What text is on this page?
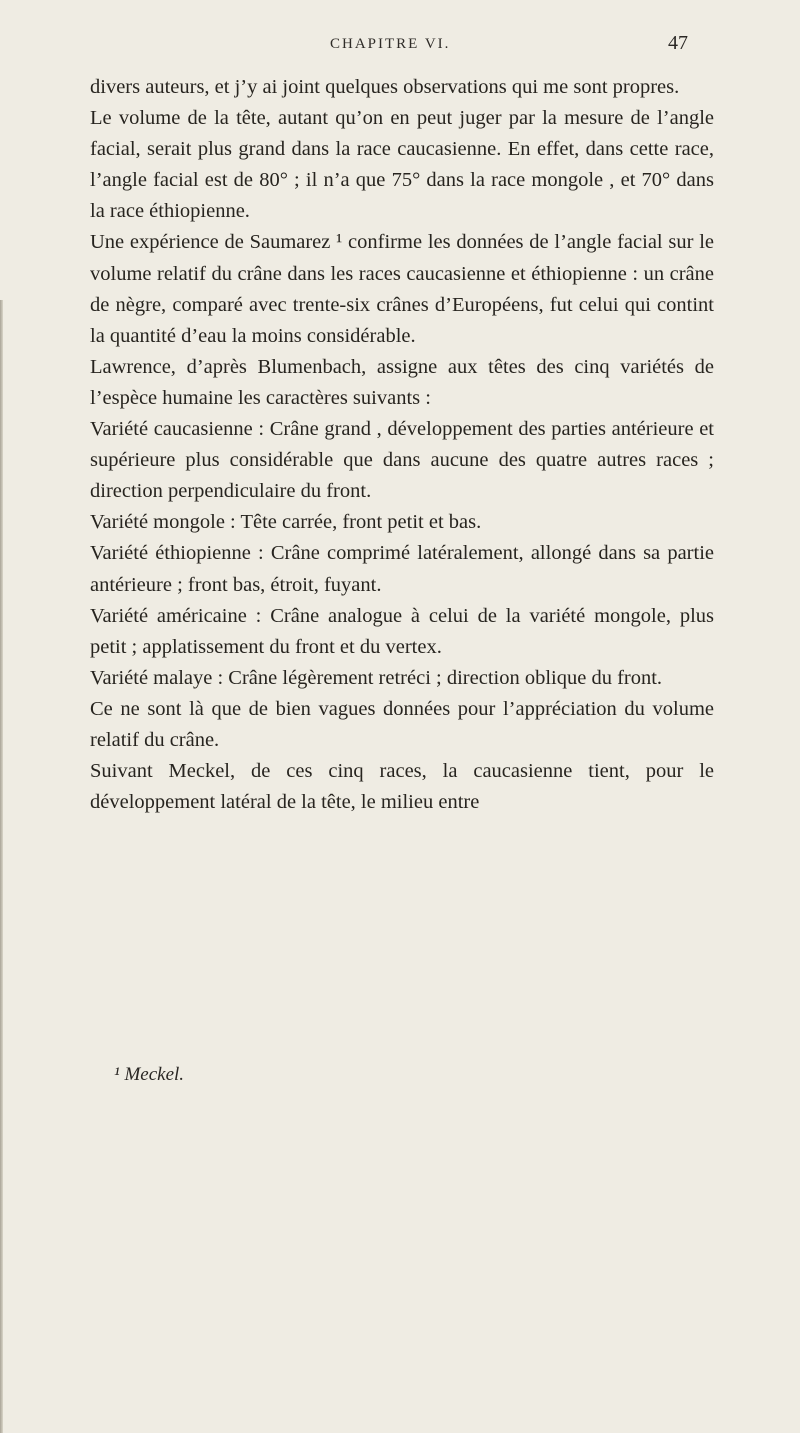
CHAPITRE VI.	47

divers auteurs, et j’y ai joint quelques observations qui me sont propres.

Le volume de la tête, autant qu’on en peut juger par la mesure de l’angle facial, serait plus grand dans la race caucasienne. En effet, dans cette race, l’angle facial est de 80° ; il n’a que 75° dans la race mongole , et 70° dans la race éthiopienne.

Une expérience de Saumarez ¹ confirme les données de l’angle facial sur le volume relatif du crâne dans les races caucasienne et éthiopienne : un crâne de nègre, comparé avec trente-six crânes d’Européens, fut celui qui contint la quantité d’eau la moins considérable.

Lawrence, d’après Blumenbach, assigne aux têtes des cinq variétés de l’espèce humaine les caractères suivants :

Variété caucasienne : Crâne grand , développement des parties antérieure et supérieure plus considérable que dans aucune des quatre autres races ; direction perpendiculaire du front.

Variété mongole : Tête carrée, front petit et bas.

Variété éthiopienne : Crâne comprimé latéralement, allongé dans sa partie antérieure ; front bas, étroit, fuyant.

Variété américaine : Crâne analogue à celui de la variété mongole, plus petit ; applatissement du front et du vertex.

Variété malaye : Crâne légèrement retréci ; direction oblique du front.

Ce ne sont là que de bien vagues données pour l’appréciation du volume relatif du crâne.

Suivant Meckel, de ces cinq races, la caucasienne tient, pour le développement latéral de la tête, le milieu entre

¹ Meckel.
